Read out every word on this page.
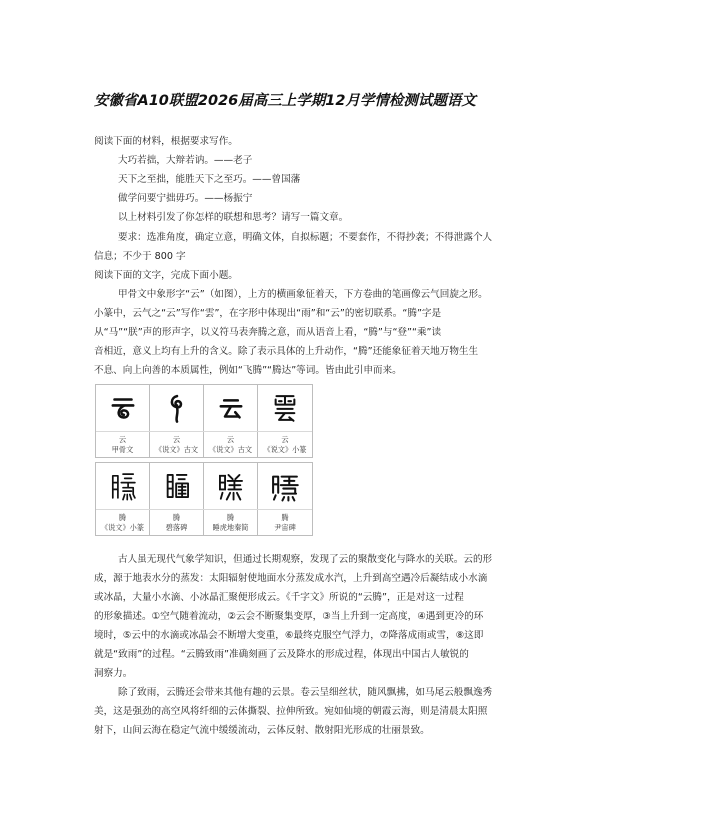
安徽省A10联盟2026届高三上学期12月学情检测试题语文

阅读下面的材料，根据要求写作。

大巧若拙，大辩若讷。——老子

天下之至拙，能胜天下之至巧。——曾国藩

做学问要宁拙毋巧。——杨振宁

以上材料引发了你怎样的联想和思考？请写一篇文章。

要求：选准角度，确定立意，明确文体，自拟标题；不要套作，不得抄袭；不得泄露个人

信息；不少于 800 字

阅读下面的文字，完成下面小题。

甲骨文中象形字“云”（如图），上方的横画象征着天，下方卷曲的笔画像云气回旋之形。

小篆中，云气之“云”写作“雲”，在字形中体现出“雨”和“云”的密切联系。“腾”字是

从“马”“朕”声的形声字，以义符马表奔腾之意，而从语音上看，“腾”与“登”“乘”读

音相近，意义上均有上升的含义。除了表示具体的上升动作，“腾”还能象征着天地万物生生

不息、向上向善的本质属性，例如“飞腾”“腾达”等词。皆由此引申而来。

云
甲骨文
云
《说文》古文
云
《说文》古文
云
《说文》小篆
腾
《说文》小篆
腾
碧落碑
腾
睡虎地秦简
腾
尹宙碑

古人虽无现代气象学知识，但通过长期观察，发现了云的聚散变化与降水的关联。云的形

成，源于地表水分的蒸发：太阳辐射使地面水分蒸发成水汽，上升到高空遇冷后凝结成小水滴

或冰晶，大量小水滴、小冰晶汇聚便形成云。《千字文》所说的“云腾”，正是对这一过程

的形象描述。①空气随着流动，②云会不断聚集变厚，③当上升到一定高度，④遇到更冷的环

境时，⑤云中的水滴或冰晶会不断增大变重，⑥最终克服空气浮力，⑦降落成雨或雪，⑧这即

就是“致雨”的过程。“云腾致雨”准确刻画了云及降水的形成过程，体现出中国古人敏锐的

洞察力。

除了致雨，云腾还会带来其他有趣的云景。卷云呈细丝状，随风飘拂，如马尾云般飘逸秀

美，这是强劲的高空风将纤细的云体撕裂、拉伸所致。宛如仙境的朝霞云海，则是清晨太阳照

射下，山间云海在稳定气流中缓缓流动，云体反射、散射阳光形成的壮丽景致。
